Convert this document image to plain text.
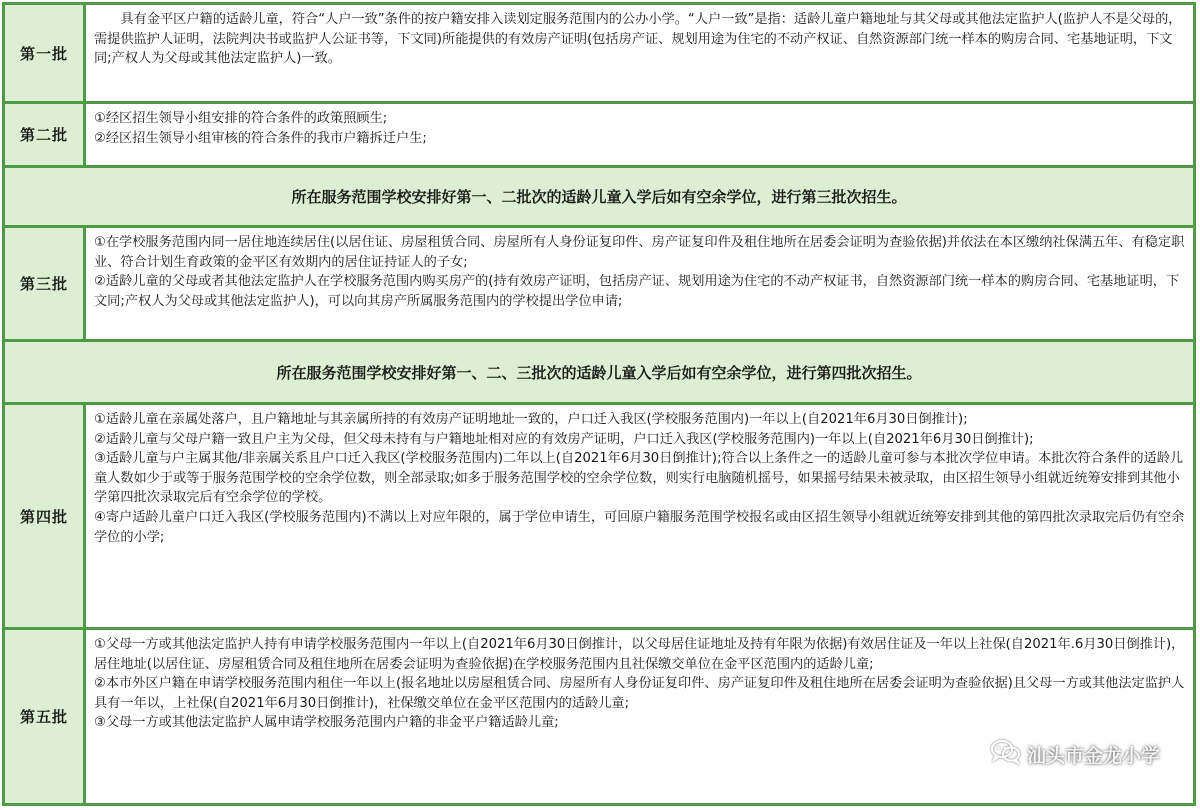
第一批

具有金平区户籍的适龄儿童，符合“人户一致”条件的按户籍安排入读划定服务范围内的公办小学。“人户一致”是指：适龄儿童户籍地址与其父母或其他法定监护人(监护人不是父母的，需提供监护人证明，法院判决书或监护人公证书等，下文同)所能提供的有效房产证明(包括房产证、规划用途为住宅的不动产权证、自然资源部门统一样本的购房合同、宅基地证明，下文同;产权人为父母或其他法定监护人)一致。

第二批

①经区招生领导小组安排的符合条件的政策照顾生;

②经区招生领导小组审核的符合条件的我市户籍拆迁户生;

所在服务范围学校安排好第一、二批次的适龄儿童入学后如有空余学位，进行第三批次招生。
第三批

①在学校服务范围内同一居住地连续居住(以居住证、房屋租赁合同、房屋所有人身份证复印件、房产证复印件及租住地所在居委会证明为查验依据)并依法在本区缴纳社保满五年、有稳定职业、符合计划生育政策的金平区有效期内的居住证持证人的子女;

②适龄儿童的父母或者其他法定监护人在学校服务范围内购买房产的(持有效房产证明，包括房产证、规划用途为住宅的不动产权证书，自然资源部门统一样本的购房合同、宅基地证明，下文同;产权人为父母或其他法定监护人)，可以向其房产所属服务范围内的学校提出学位申请;

所在服务范围学校安排好第一、二、三批次的适龄儿童入学后如有空余学位，进行第四批次招生。
第四批

①适龄儿童在亲属处落户，且户籍地址与其亲属所持的有效房产证明地址一致的，户口迁入我区(学校服务范围内)一年以上(自2021年6月30日倒推计);

②适龄儿童与父母户籍一致且户主为父母，但父母未持有与户籍地址相对应的有效房产证明，户口迁入我区(学校服务范围内)一年以上(自2021年6月30日倒推计);

③适龄儿童与户主属其他/非亲属关系且户口迁入我区(学校服务范围内)二年以上(自2021年6月30日倒推计);符合以上条件之一的适龄儿童可参与本批次学位申请。本批次符合条件的适龄儿童人数如少于或等于服务范围学校的空余学位数，则全部录取;如多于服务范围学校的空余学位数，则实行电脑随机摇号，如果摇号结果未被录取，由区招生领导小组就近统筹安排到其他小学第四批次录取完后有空余学位的学校。

④寄户适龄儿童户口迁入我区(学校服务范围内)不满以上对应年限的，属于学位申请生，可回原户籍服务范围学校报名或由区招生领导小组就近统筹安排到其他的第四批次录取完后仍有空余学位的小学;

第五批

①父母一方或其他法定监护人持有申请学校服务范围内一年以上(自2021年6月30日倒推计，以父母居住证地址及持有年限为依据)有效居住证及一年以上社保(自2021年.6月30日倒推计)，居住地址(以居住证、房屋租赁合同及租住地所在居委会证明为查验依据)在学校服务范围内且社保缴交单位在金平区范围内的适龄儿童;

②本市外区户籍在申请学校服务范围内租住一年以上(报名地址以房屋租赁合同、房屋所有人身份证复印件、房产证复印件及租住地所在居委会证明为查验依据)且父母一方或其他法定监护人具有一年以，上社保(自2021年6月30日倒推计)，社保缴交单位在金平区范围内的适龄儿童;

③父母一方或其他法定监护人属申请学校服务范围内户籍的非金平户籍适龄儿童;

汕头市金龙小学
